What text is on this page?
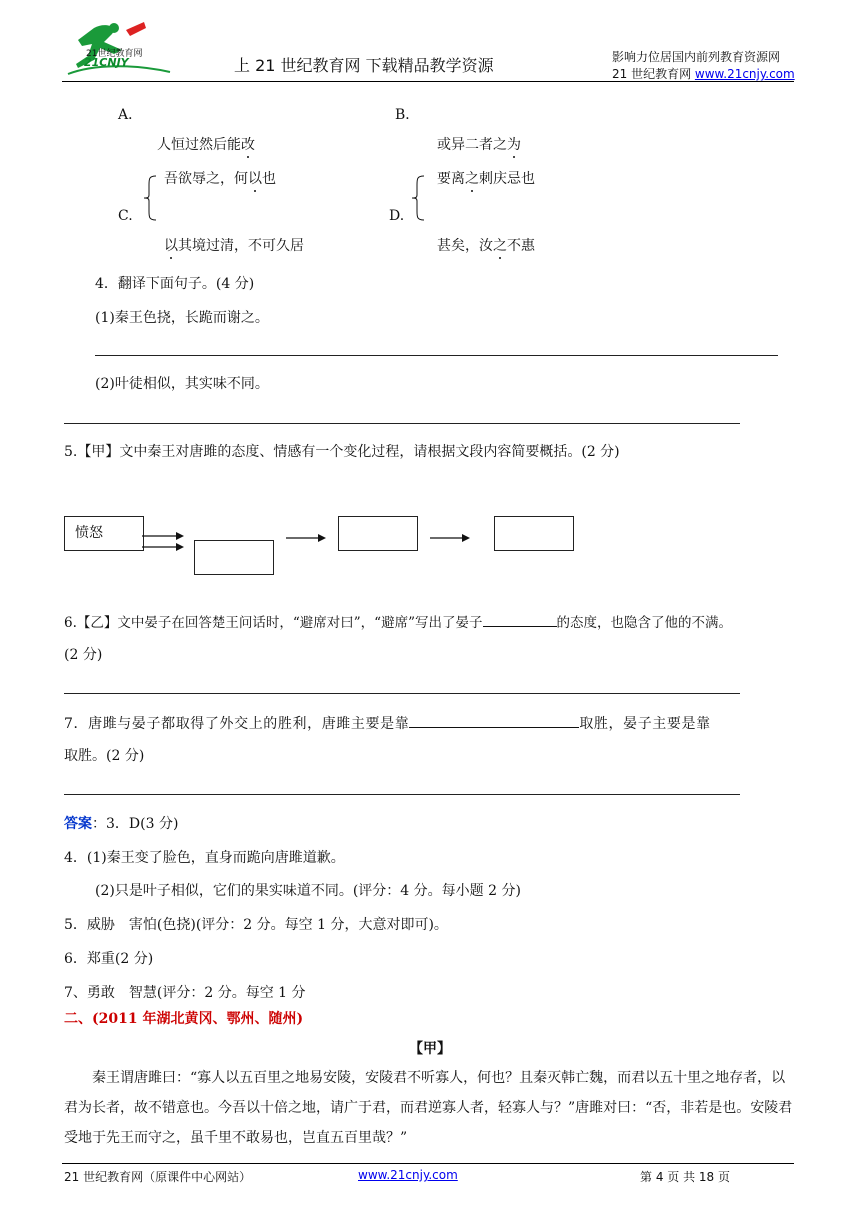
21世纪教育网
21CNJY	上 21 世纪教育网 下载精品教学资源	影响力位居国内前列教育资源网
21 世纪教育网 www.21cnjy.com
A．	B．
人恒过然后能改	或异二者之为
吾欲辱之，何以也
C.
以其境过清，不可久居
要离之刺庆忌也
D.
甚矣，汝之不惠
4．翻译下面句子。(4 分)
(1)秦王色挠，长跪而谢之。
(2)叶徒相似，其实味不同。
5.【甲】文中秦王对唐雎的态度、情感有一个变化过程，请根据文段内容简要概括。(2 分)
愤怒
6.【乙】文中晏子在回答楚王问话时，“避席对曰”，“避席”写出了晏子	的态度，也隐含了他的不满。
(2 分)
7．唐雎与晏子都取得了外交上的胜利，唐雎主要是靠	取胜，晏子主要是靠
取胜。(2 分)
答案：3．D(3 分)
4．(1)秦王变了脸色，直身而跪向唐雎道歉。
(2)只是叶子相似，它们的果实味道不同。(评分：4 分。每小题 2 分)
5．威胁　害怕(色挠)(评分：2 分。每空 1 分，大意对即可)。
6．郑重(2 分)
7、勇敢　智慧(评分：2 分。每空 1 分
二、(2011 年湖北黄冈、鄂州、随州)
【甲】
秦王谓唐雎曰：“寡人以五百里之地易安陵，安陵君不听寡人，何也？且秦灭韩亡魏，而君以五十里之地存者，以君为长者，故不错意也。今吾以十倍之地，请广于君，而君逆寡人者，轻寡人与？”唐雎对曰：“否，非若是也。安陵君受地于先王而守之，虽千里不敢易也，岂直五百里哉？”
21 世纪教育网（原课件中心网站）	www.21cnjy.com	第 4 页 共 18 页
